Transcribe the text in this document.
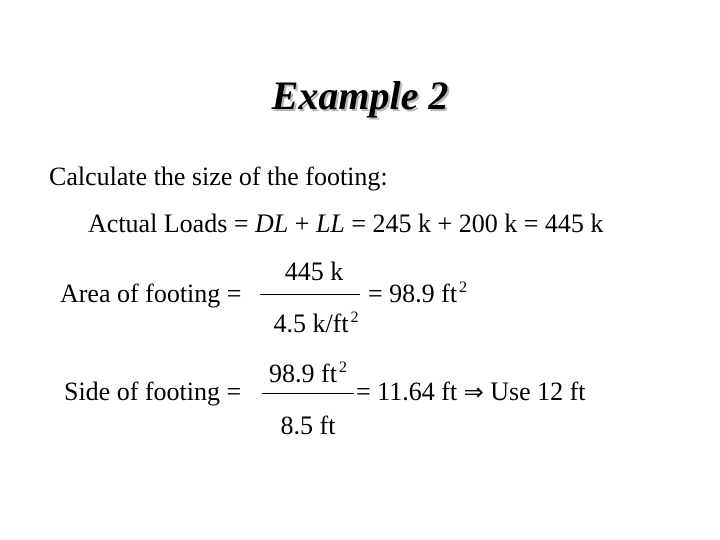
Example 2
Calculate the size of the footing:
Actual Loads = DL + LL = 245 k + 200 k = 445 k
Area of footing =
445 k
4.5 k/ft $^2$
= 98.9 ft $^2$
Side of footing =
98.9 ft $^2$
8.5 ft
= 11.64 ft ⇒ Use 12 ft
